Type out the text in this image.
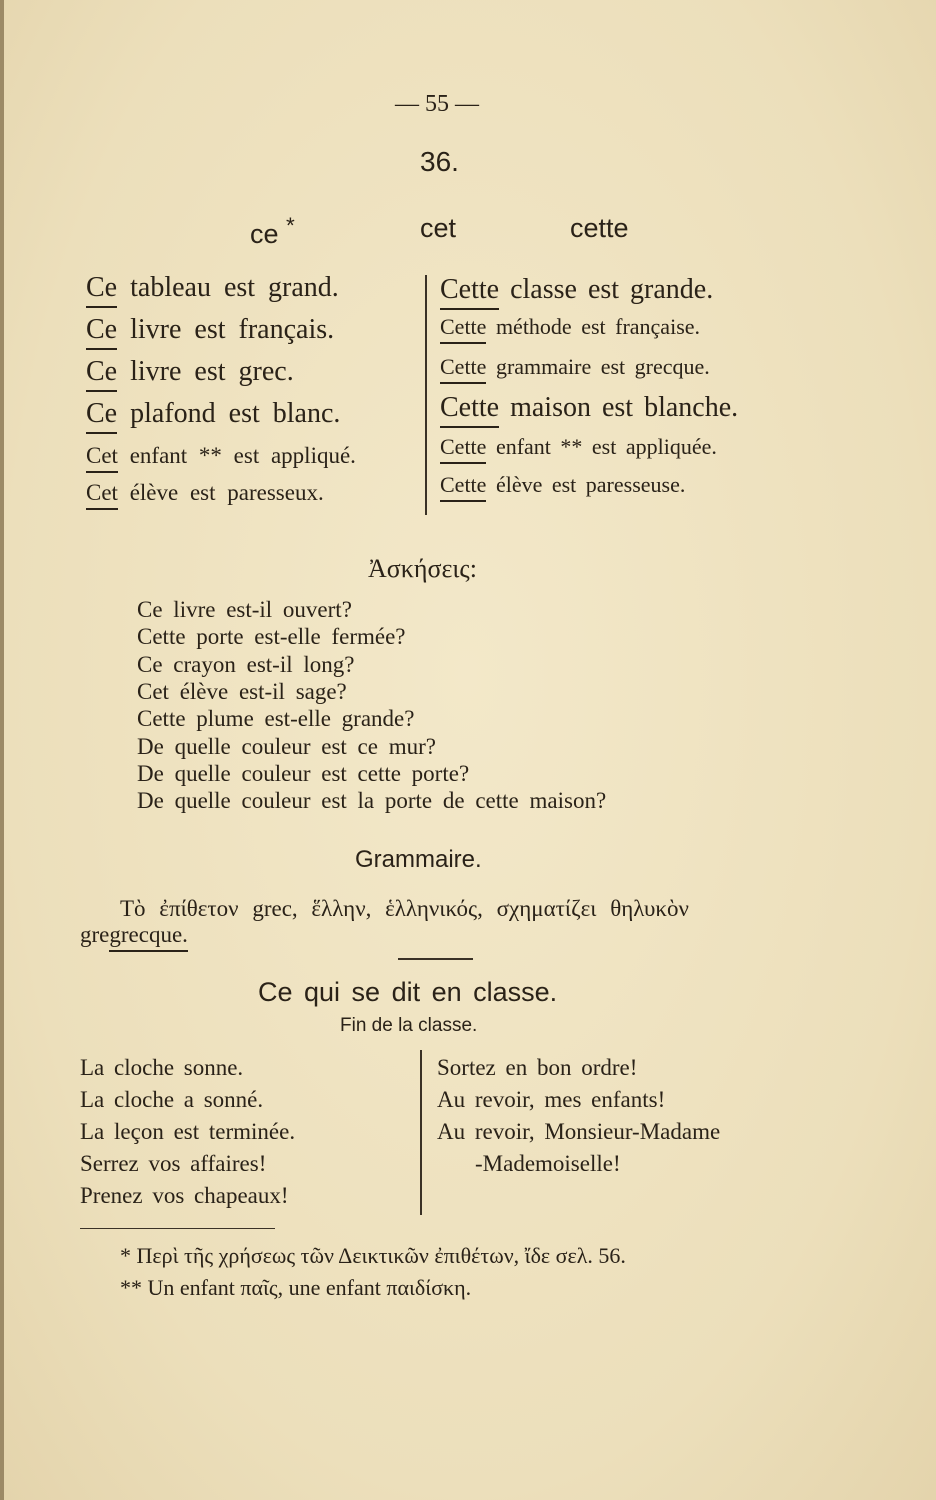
— 55 —
36.
ce *	cet	cette
Ce tableau est grand.
Ce livre est français.
Ce livre est grec.
Ce plafond est blanc.
Cet enfant ** est appliqué.
Cet élève est paresseux.
Cette classe est grande.
Cette méthode est française.
Cette grammaire est grecque.
Cette maison est blanche.
Cette enfant ** est appliquée.
Cette élève est paresseuse.
Ἀσκήσεις:
Ce livre est-il ouvert?
Cette porte est-elle fermée?
Ce crayon est-il long?
Cet élève est-il sage?
Cette plume est-elle grande?
De quelle couleur est ce mur?
De quelle couleur est cette porte?
De quelle couleur est la porte de cette maison?
Grammaire.
Τὸ ἐπίθετον grec, ἕλλην, ἑλληνικός, σχηματίζει θηλυκὸν
gregrecque.
Ce qui se dit en classe.
Fin de la classe.
La cloche sonne.
La cloche a sonné.
La leçon est terminée.
Serrez vos affaires!
Prenez vos chapeaux!
Sortez en bon ordre!
Au revoir, mes enfants!
Au revoir, Monsieur-Madame
-Mademoiselle!
* Περὶ τῆς χρήσεως τῶν Δεικτικῶν ἐπιθέτων, ἴδε σελ. 56.
** Un enfant παῖς, une enfant παιδίσκη.
